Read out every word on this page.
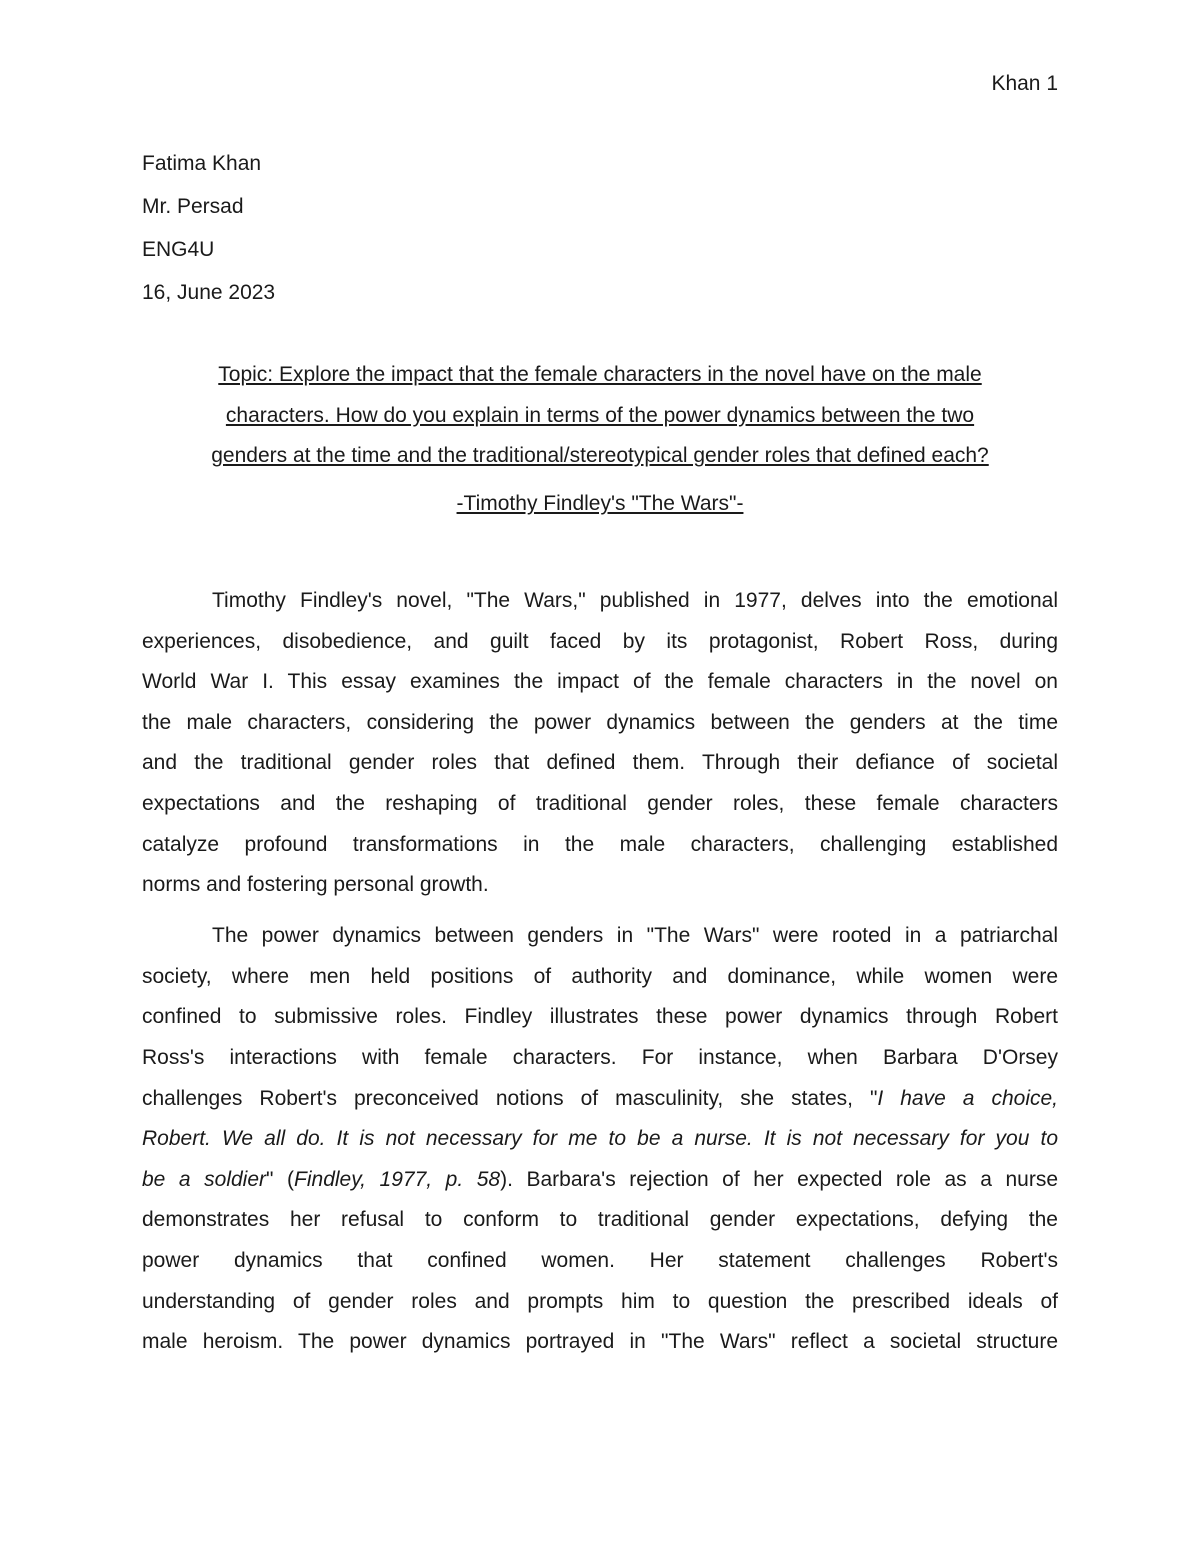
Khan 1
Fatima Khan
Mr. Persad
ENG4U
16, June 2023
Topic: Explore the impact that the female characters in the novel have on the male
characters. How do you explain in terms of the power dynamics between the two
genders at the time and the traditional/stereotypical gender roles that defined each?
-Timothy Findley's "The Wars"-
Timothy Findley's novel, "The Wars," published in 1977, delves into the emotional
experiences, disobedience, and guilt faced by its protagonist, Robert Ross, during
World War I. This essay examines the impact of the female characters in the novel on
the male characters, considering the power dynamics between the genders at the time
and the traditional gender roles that defined them. Through their defiance of societal
expectations and the reshaping of traditional gender roles, these female characters
catalyze profound transformations in the male characters, challenging established
norms and fostering personal growth.
The power dynamics between genders in "The Wars" were rooted in a patriarchal
society, where men held positions of authority and dominance, while women were
confined to submissive roles. Findley illustrates these power dynamics through Robert
Ross's interactions with female characters. For instance, when Barbara D'Orsey
challenges Robert's preconceived notions of masculinity, she states, "I have a choice,
Robert. We all do. It is not necessary for me to be a nurse. It is not necessary for you to
be a soldier" (Findley, 1977, p. 58). Barbara's rejection of her expected role as a nurse
demonstrates her refusal to conform to traditional gender expectations, defying the
power dynamics that confined women. Her statement challenges Robert's
understanding of gender roles and prompts him to question the prescribed ideals of
male heroism. The power dynamics portrayed in "The Wars" reflect a societal structure
